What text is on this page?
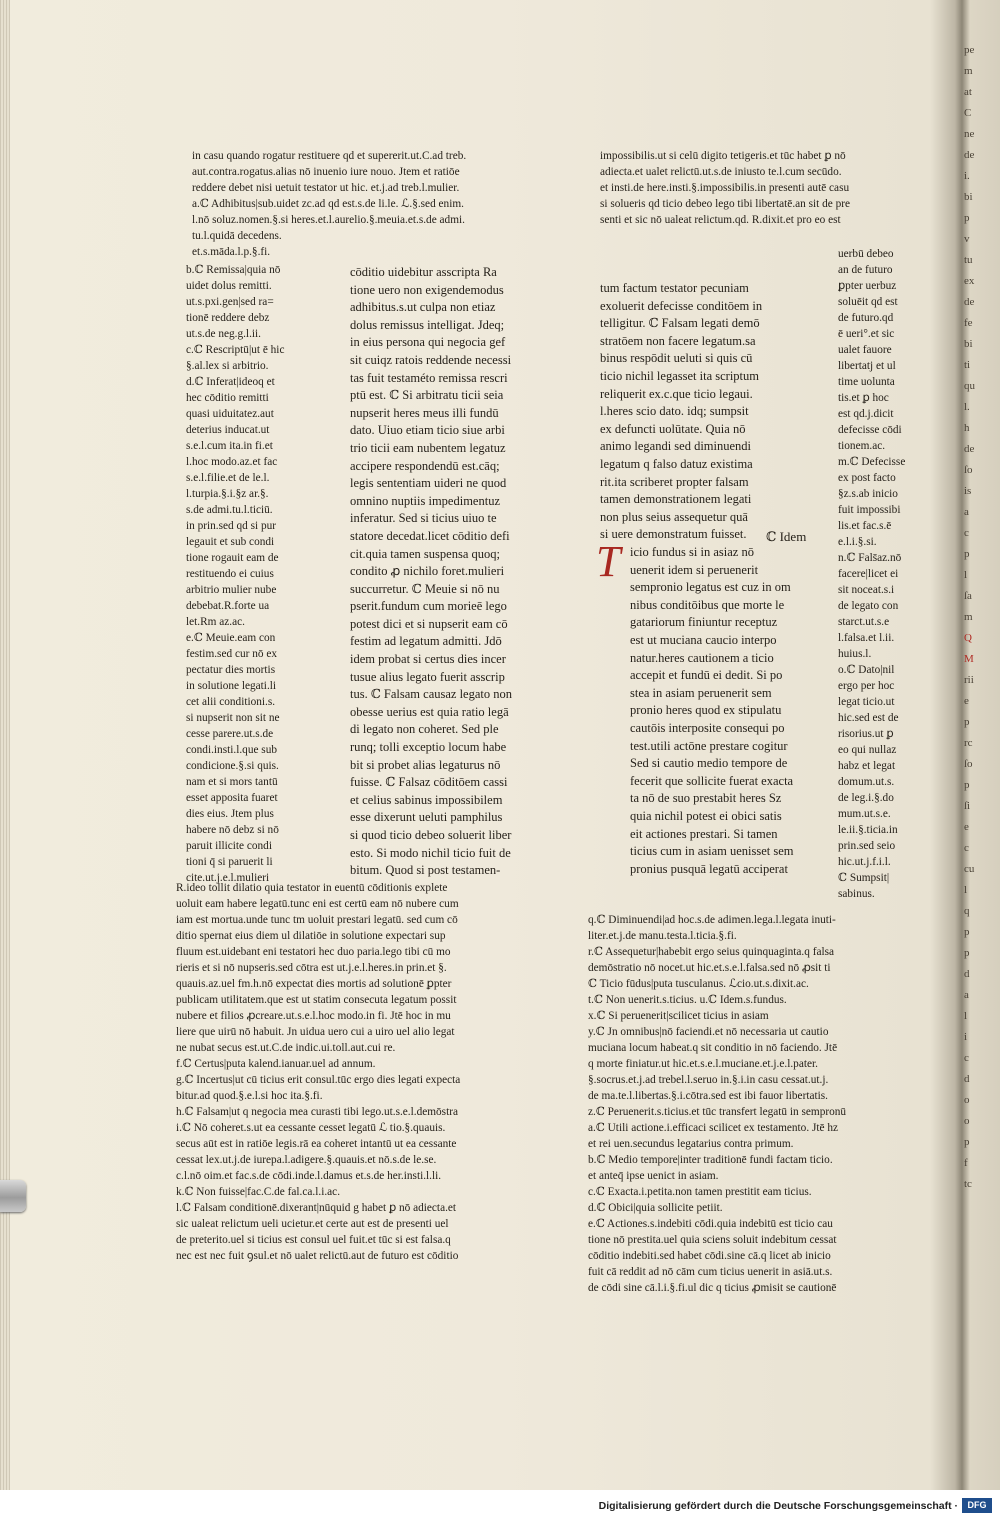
in casu quando rogatur restituere qd et supererit.ut.C.ad treb.
aut.contra.rogatus.alias nō inuenio iure nouo. Jtem et ratiōe
reddere debet nisi uetuit testator ut hic. et.j.ad treb.l.mulier.
a.ℂ Adhibitus|sub.uidet zc.ad qd est.s.de li.le. ℒ.§.sed enim.
l.nō soluz.nomen.§.si heres.et.l.aurelio.§.meuia.et.s.de admi.
tu.l.quidā decedens.
et.s.māda.l.p.§.fi.
impossibilis.ut si celū digito tetigeris.et tūc habet ꝑ nō
adiecta.et ualet relictū.ut.s.de iniusto te.l.cum secūdo.
et insti.de here.insti.§.impossibilis.in presenti autē casu
si solueris qd ticio debeo lego tibi libertatē.an sit de pre
senti et sic nō ualeat relictum.qd. R.dixit.et pro eo est
b.ℂ Remissa|quia nō
uidet dolus remitti.
ut.s.pxi.gen|sed ra=
tionē reddere debz
ut.s.de neg.g.l.ii.
c.ℂ Rescriptū|ut ē hic
§.al.lex si arbitrio.
d.ℂ Inferat|ideoq et
hec cōditio remitti
quasi uiduitatez.aut
deterius inducat.ut
s.e.l.cum ita.in fi.et
l.hoc modo.az.et fac
s.e.l.filie.et de le.l.
l.turpia.§.i.§z ar.§.
s.de admi.tu.l.ticiū.
in prin.sed qd si pur
legauit et sub condi
tione rogauit eam de
restituendo ei cuius
arbitrio mulier nube
debebat.R.forte ua
let.Rm az.ac.
e.ℂ Meuie.eam con
festim.sed cur nō ex
pectatur dies mortis
in solutione legati.li
cet alii conditioni.s.
si nupserit non sit ne
cesse parere.ut.s.de
condi.insti.l.que sub
condicione.§.si quis.
nam et si mors tantū
esset apposita fuaret
dies eius. Jtem plus
habere nō debz si nō
paruit illicite condi
tioni q̄ si paruerit li
cite.ut.j.e.l.mulieri
cōditio uidebitur asscripta Ra
tione uero non exigendemodus
adhibitus.s.ut culpa non etiaz
dolus remissus intelligat. Jdeq;
in eius persona qui negocia gef
sit cuiqz ratois reddende necessi
tas fuit testaméto remissa rescri
ptū est. ℂ Si arbitratu ticii seia
nupserit heres meus illi fundū
dato. Uiuo etiam ticio siue arbi
trio ticii eam nubentem legatuz
accipere respondendū est.cāq;
legis sententiam uideri ne quod
omnino nuptiis impedimentuz
inferatur. Sed si ticius uiuo te
statore decedat.licet cōditio defi
cit.quia tamen suspensa quoq;
condito ꝓ nichilo foret.mulieri
succurretur. ℂ Meuie si nō nu
pserit.fundum cum morieē lego
potest dici et si nupserit eam cō
festim ad legatum admitti. Jdō
idem probat si certus dies incer
tusue alius legato fuerit asscrip
tus. ℂ Falsam causaz legato non
obesse uerius est quia ratio legā
di legato non coheret. Sed ple
runq; tolli exceptio locum habe
bit si probet alias legaturus nō
fuisse. ℂ Falsaz cōditōem cassi
et celius sabinus impossibilem
esse dixerunt ueluti pamphilus
si quod ticio debeo soluerit liber
esto. Si modo nichil ticio fuit de
bitum. Quod si post testamen-
tum factum testator pecuniam
exoluerit defecisse conditōem in
telligitur. ℂ Falsam legati demō
stratōem non facere legatum.sa
binus respōdit ueluti si quis cū
ticio nichil legasset ita scriptum
reliquerit ex.c.que ticio legaui.
l.heres scio dato. idq; sumpsit
ex defuncti uolūtate. Quia nō
animo legandi sed diminuendi
legatum q falso datuz existima
rit.ita scriberet propter falsam
tamen demonstrationem legati
non plus seius assequetur quā
si uere demonstratum fuisset.	ℂ Idem
T icio fundus si in asiaz nō
uenerit idem si peruenerit
sempronio legatus est cuz in om
nibus conditōibus que morte le
gatariorum finiuntur receptuz
est ut muciana caucio interpo
natur.heres cautionem a ticio
accepit et fundū ei dedit. Si po
stea in asiam peruenerit sem
pronio heres quod ex stipulatu
cautōis interposite consequi po
test.utili actōne prestare cogitur
Sed si cautio medio tempore de
fecerit que sollicite fuerat exacta
ta nō de suo prestabit heres Sz
quia nichil potest ei obici satis
eit actiones prestari. Si tamen
ticius cum in asiam uenisset sem
pronius pusquā legatū acciperat
uerbū debeo
an de futuro
ꝑpter uerbuz
soluēit qd est
de futuro.qd
ē ueri°.et sic
ualet fauore
libertatj et ul
time uolunta
tis.et ꝑ hoc
est qd.j.dicit
defecisse cōdi
tionem.ac.
m.ℂ Defecisse
ex post facto
§z.s.ab inicio
fuit impossibi
lis.et fac.s.ē
e.l.i.§.si.
n.ℂ Fals̄az.nō
facere|licet ei
sit noceat.s.i
de legato con
starct.ut.s.e
l.falsa.et l.ii.
huius.l.
o.ℂ Dato|nil
ergo per hoc
legat ticio.ut
hic.sed est de
risorius.ut ꝑ
eo qui nullaz
habz et legat
domum.ut.s.
de leg.i.§.do
mum.ut.s.e.
le.ii.§.ticia.in
prin.sed seio
hic.ut.j.f.i.l.
ℂ Sumpsit|
sabinus.
R.ideo tollit dilatio quia testator in euentū cōditionis explete
uoluit eam habere legatū.tunc eni est certū eam nō nubere cum
iam est mortua.unde tunc tm uoluit prestari legatū. sed cum cō
ditio spernat eius diem ul dilatiōe in solutione expectari sup
fluum est.uidebant eni testatori hec duo paria.lego tibi cū mo
rieris et si nō nupseris.sed cōtra est ut.j.e.l.heres.in prin.et §.
quauis.az.uel fm.h.nō expectat dies mortis ad solutionē ꝑpter
publicam utilitatem.que est ut statim consecuta legatum possit
nubere et filios ꝓcreare.ut.s.e.l.hoc modo.in fi. Jtē hoc in mu
liere que uirū nō habuit. Jn uidua uero cui a uiro uel alio legat
ne nubat secus est.ut.C.de indic.ui.toll.aut.cui re.
f.ℂ Certus|puta kalend.ianuar.uel ad annum.
g.ℂ Incertus|ut cū ticius erit consul.tūc ergo dies legati expecta
bitur.ad quod.§.e.l.si hoc ita.§.fi.
h.ℂ Falsam|ut q negocia mea curasti tibi lego.ut.s.e.l.demōstra
i.ℂ Nō coheret.s.ut ea cessante cesset legatū ℒ tio.§.quauis.
secus aūt est in ratiōe legis.rā ea coheret intantū ut ea cessante
cessat lex.ut.j.de iurepa.l.adigere.§.quauis.et nō.s.de le.se.
c.l.nō oim.et fac.s.de cōdi.inde.l.damus et.s.de her.insti.l.li.
k.ℂ Non fuisse|fac.C.de fal.ca.l.i.ac.
l.ℂ Falsam conditionē.dixerant|nūquid g habet ꝑ nō adiecta.et
sic ualeat relictum ueli ucietur.et certe aut est de presenti uel
de preterito.uel si ticius est consul uel fuit.et tūc si est falsa.q
nec est nec fuit ꝯsul.et nō ualet relictū.aut de futuro est cōditio
q.ℂ Diminuendi|ad hoc.s.de adimen.lega.l.legata inuti-
liter.et.j.de manu.testa.l.ticia.§.fi.
r.ℂ Assequetur|habebit ergo seius quinquaginta.q falsa
demōstratio nō nocet.ut hic.et.s.e.l.falsa.sed nō ꝓsit ti
ℂ Ticio fūdus|puta tusculanus. ℒcio.ut.s.dixit.ac.
t.ℂ Non uenerit.s.ticius. u.ℂ Idem.s.fundus.
x.ℂ Si peruenerit|scilicet ticius in asiam
y.ℂ Jn omnibus|nō faciendi.et nō necessaria ut cautio
muciana locum habeat.q sit conditio in nō faciendo. Jtē
q morte finiatur.ut hic.et.s.e.l.muciane.et.j.e.l.pater.
§.socrus.et.j.ad trebel.l.seruo in.§.i.in casu cessat.ut.j.
de ma.te.l.libertas.§.i.cōtra.sed est ibi fauor libertatis.
z.ℂ Peruenerit.s.ticius.et tūc transfert legatū in sempronū
a.ℂ Utili actione.i.efficaci scilicet ex testamento. Jtē hz
et rei uen.secundus legatarius contra primum.
b.ℂ Medio tempore|inter traditionē fundi factam ticio.
et anteq̄ ipse uenict in asiam.
c.ℂ Exacta.i.petita.non tamen prestitit eam ticius.
d.ℂ Obici|quia sollicite petiit.
e.ℂ Actiones.s.indebiti cōdi.quia indebitū est ticio cau
tione nō prestita.uel quia sciens soluit indebitum cessat
cōditio indebiti.sed habet cōdi.sine cā.q licet ab inicio
fuit cā reddit ad nō cām cum ticius uenerit in asiā.ut.s.
de cōdi sine cā.l.i.§.fi.ul dic q ticius ꝓmisit se cautionē
pe
m
at
C
ne
de
i.
bi
p
v
tu
ex
de
fe
bi
ti
qu
l.
h
de
ſo
is
a
c
p
l
ſa
m
Q
M
rii
e
p
rc
ſo
p
ſi
e
c
cu
l
q
p
p
d
a
l
i
c
d
o
o
p
f
tc
Digitalisierung gefördert durch die Deutsche Forschungsgemeinschaft ·	DFG
